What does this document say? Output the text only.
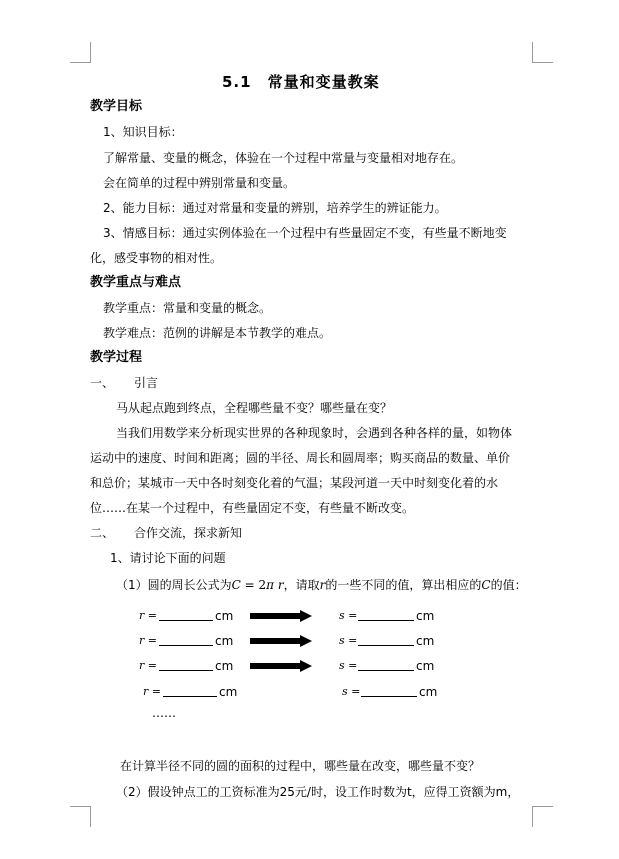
5.1　常量和变量教案
教学目标
1、知识目标：
了解常量、变量的概念，体验在一个过程中常量与变量相对地存在。
会在简单的过程中辨别常量和变量。
2、能力目标：通过对常量和变量的辨别，培养学生的辨证能力。
3、情感目标：通过实例体验在一个过程中有些量固定不变，有些量不断地变
化，感受事物的相对性。
教学重点与难点
教学重点：常量和变量的概念。
教学难点：范例的讲解是本节教学的难点。
教学过程
一、 引言
马从起点跑到终点，全程哪些量不变？哪些量在变？
当我们用数学来分析现实世界的各种现象时，会遇到各种各样的量，如物体
运动中的速度、时间和距离；圆的半径、周长和圆周率；购买商品的数量、单价
和总价；某城市一天中各时刻变化着的气温；某段河道一天中时刻变化着的水
位……在某一个过程中，有些量固定不变，有些量不断改变。
二、 合作交流，探求新知
1、请讨论下面的问题
（1）圆的周长公式为C = 2π r，请取r的一些不同的值，算出相应的C的值：
r =	cm	s =	cm
r =	cm	s =	cm
r =	cm	s =	cm
r =	cm	s =	cm
……
在计算半径不同的圆的面积的过程中，哪些量在改变，哪些量不变？
（2）假设钟点工的工资标准为25元/时，设工作时数为t，应得工资额为m，
